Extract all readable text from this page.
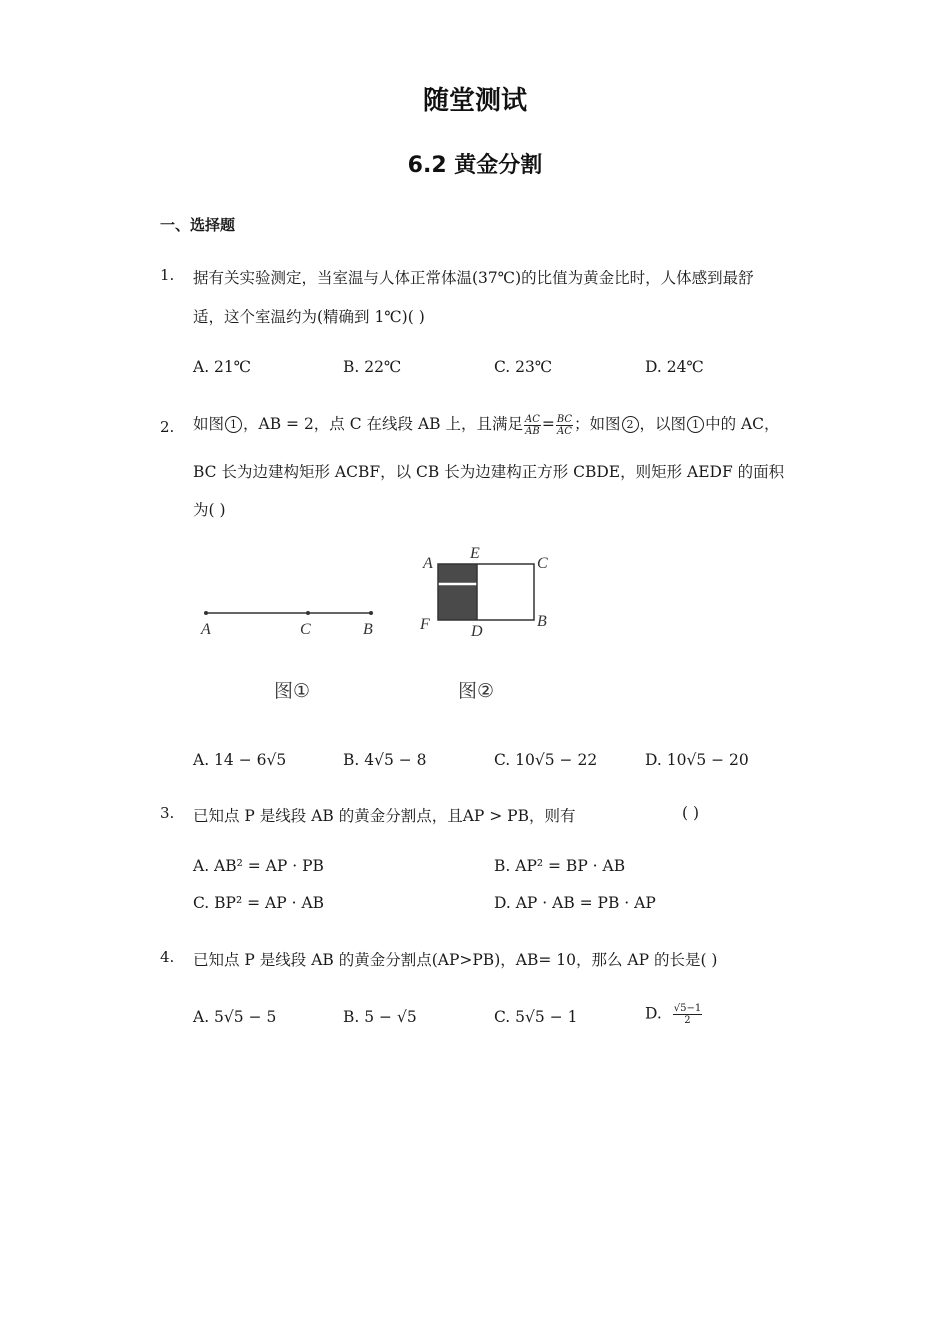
随堂测试
6.2 黄金分割
一、选择题
1. 据有关实验测定，当室温与人体正常体温(37℃)的比值为黄金比时，人体感到最舒
适，这个室温约为(精确到 1℃)( )
A. 21℃	B. 22℃	C. 23℃	D. 24℃
2. 如图 1 ，AB = 2，点 C 在线段 AB 上，且满足 $\frac{AC}{AB} = \frac{BC}{AC}$ ；如图 2 ，以图 1 中的 AC，
BC 长为边建构矩形 ACBF，以 CB 长为边建构正方形 CBDE，则矩形 AEDF 的面积
为( )
A	C	B
A
E
C
F	D
B
图①	图②
A. 14 − 6√5	B. 4√5 − 8	C. 10√5 − 22	D. 10√5 − 20
3. 已知点 P 是线段 AB 的黄金分割点，且AP > PB，则有	( )
A. AB² = AP · PB	B. AP² = BP · AB
C. BP² = AP · AB	D. AP · AB = PB · AP
4. 已知点 P 是线段 AB 的黄金分割点(AP>PB)，AB= 10，那么 AP 的长是( )
A. 5√5 − 5	B. 5 − √5	C. 5√5 − 1	D. $\frac{√5-1}{2}$
